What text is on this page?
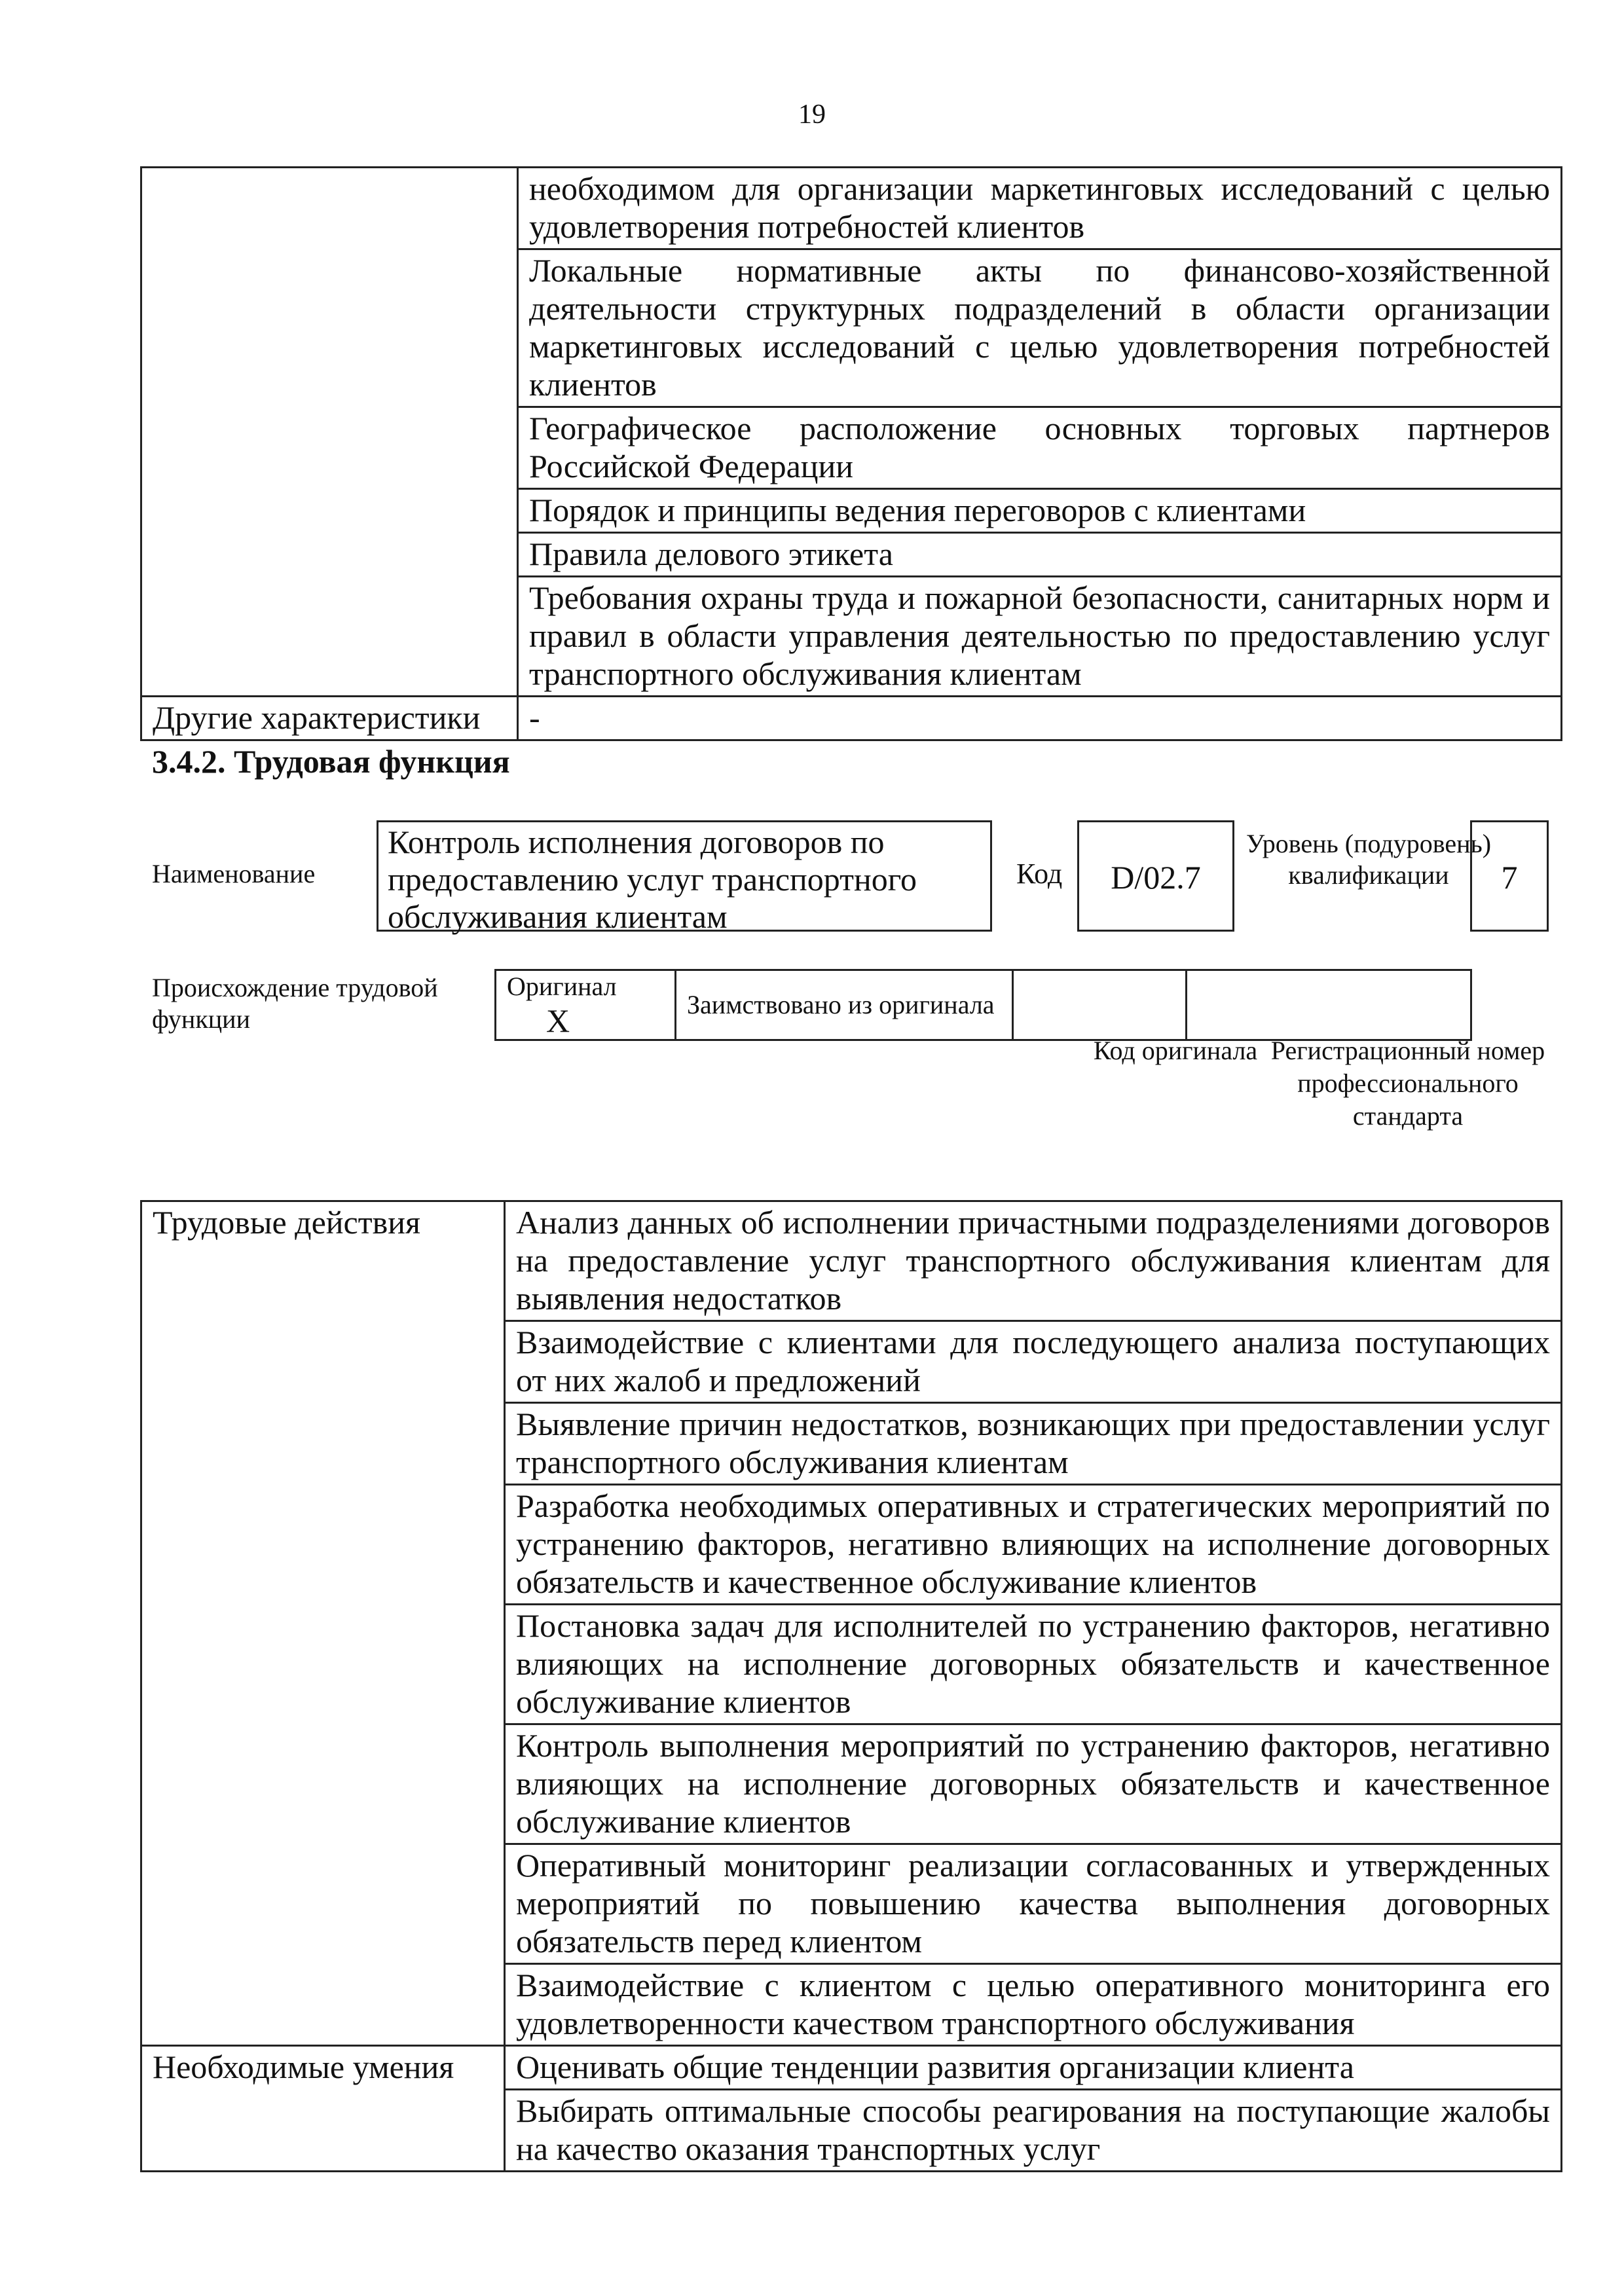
19

	необходимом для организации маркетинговых исследований с целью удовлетворения потребностей клиентов

	Локальные нормативные акты по финансово-хозяйственной деятельности структурных подразделений в области организации маркетинговых исследований с целью удовлетворения потребностей клиентов

	Географическое расположение основных торговых партнеров Российской Федерации

	Порядок и принципы ведения переговоров с клиентами

	Правила делового этикета

	Требования охраны труда и пожарной безопасности, санитарных норм и правил в области управления деятельностью по предоставлению услуг транспортного обслуживания клиентам

Другие характеристики	-
3.4.2. Трудовая функция
Наименование
Контроль исполнения договоров по предоставлению услуг транспортного обслуживания клиентам
Код	D/02.7
Уровень (подуровень) квалификации	7
Происхождение трудовой функции
Оригинал X	Заимствовано из оригинала		
Код оригинала Регистрационный номер профессионального стандарта
Трудовые действия	Анализ данных об исполнении причастными подразделениями договоров на предоставление услуг транспортного обслуживания клиентам для выявления недостатков

	Взаимодействие с клиентами для последующего анализа поступающих от них жалоб и предложений

	Выявление причин недостатков, возникающих при предоставлении услуг транспортного обслуживания клиентам

	Разработка необходимых оперативных и стратегических мероприятий по устранению факторов, негативно влияющих на исполнение договорных обязательств и качественное обслуживание клиентов

	Постановка задач для исполнителей по устранению факторов, негативно влияющих на исполнение договорных обязательств и качественное обслуживание клиентов

	Контроль выполнения мероприятий по устранению факторов, негативно влияющих на исполнение договорных обязательств и качественное обслуживание клиентов

	Оперативный мониторинг реализации согласованных и утвержденных мероприятий по повышению качества выполнения договорных обязательств перед клиентом

	Взаимодействие с клиентом с целью оперативного мониторинга его удовлетворенности качеством транспортного обслуживания

Необходимые умения	Оценивать общие тенденции развития организации клиента

	Выбирать оптимальные способы реагирования на поступающие жалобы на качество оказания транспортных услуг
